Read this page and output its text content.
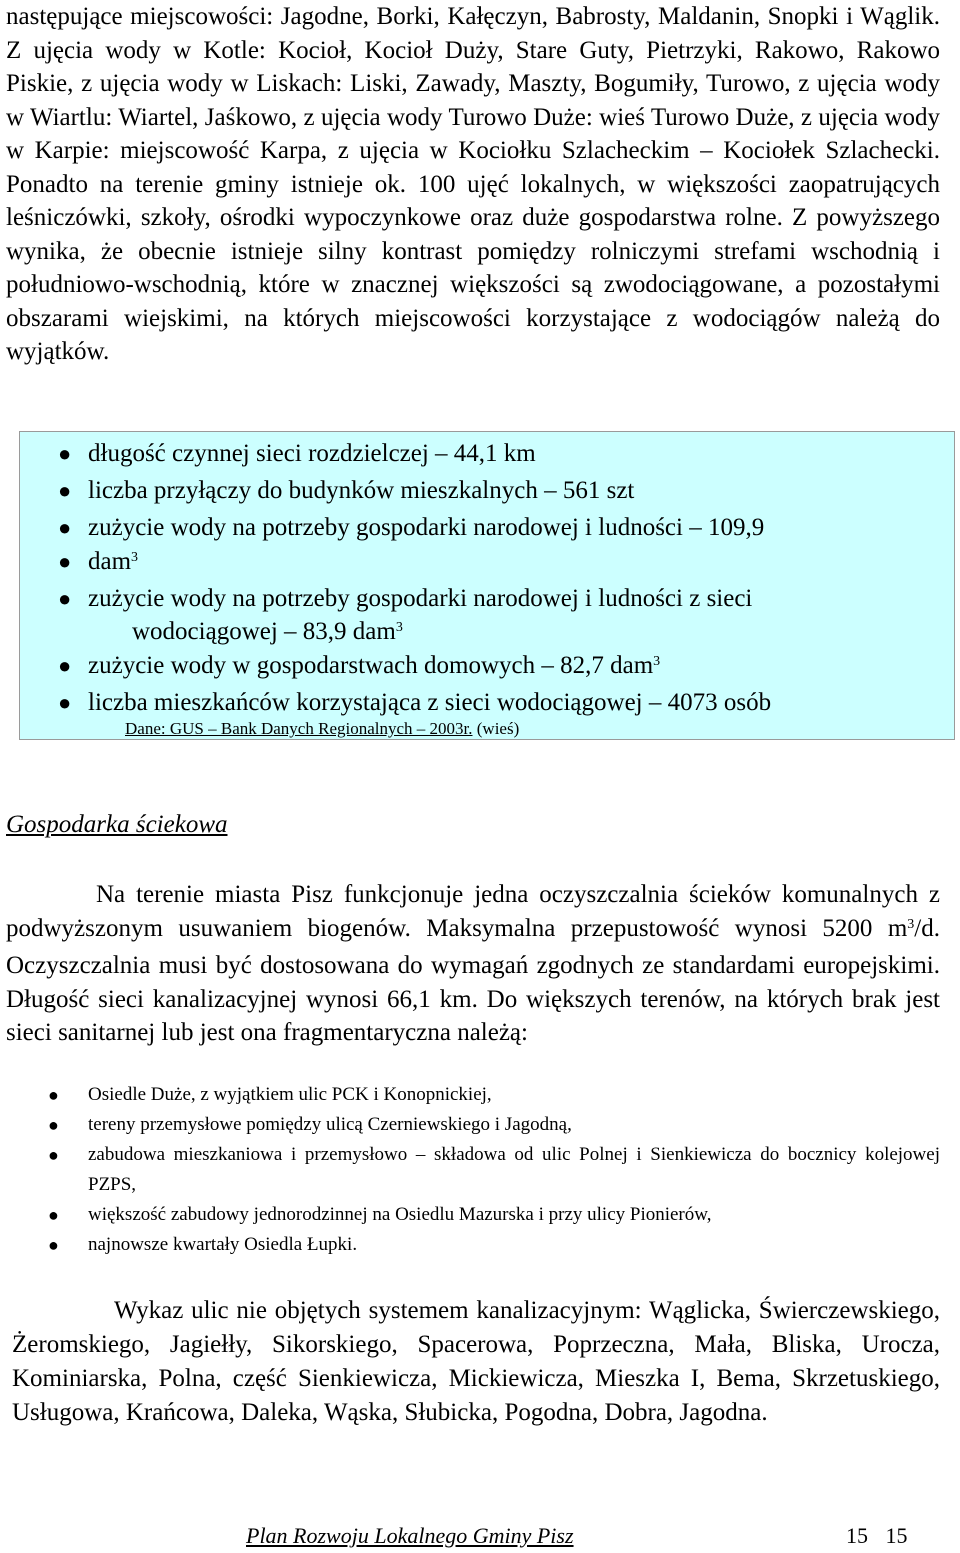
następujące miejscowości: Jagodne, Borki, Kałęczyn, Babrosty, Maldanin, Snopki i Wąglik. Z ujęcia wody w Kotle: Kocioł, Kocioł Duży, Stare Guty, Pietrzyki, Rakowo, Rakowo Piskie, z ujęcia wody w Liskach: Liski, Zawady, Maszty, Bogumiły, Turowo, z ujęcia wody w Wiartlu: Wiartel, Jaśkowo, z ujęcia wody Turowo Duże: wieś Turowo Duże, z ujęcia wody w Karpie: miejscowość Karpa, z ujęcia w Kociołku Szlacheckim – Kociołek Szlachecki. Ponadto na terenie gminy istnieje ok. 100 ujęć lokalnych, w większości zaopatrujących leśniczówki, szkoły, ośrodki wypoczynkowe oraz duże gospodarstwa rolne. Z powyższego wynika, że obecnie istnieje silny kontrast pomiędzy rolniczymi strefami wschodnią i południowo-wschodnią, które w znacznej większości są zwodociągowane, a pozostałymi obszarami wiejskimi, na których miejscowości korzystające z wodociągów należą do wyjątków.

● długość czynnej sieci rozdzielczej – 44,1 km
● liczba przyłączy do budynków mieszkalnych – 561 szt
● zużycie wody na potrzeby gospodarki narodowej i ludności – 109,9
● dam$^3$
● zużycie wody na potrzeby gospodarki narodowej i ludności z sieci
wodociągowej – 83,9 dam$^3$
● zużycie wody w gospodarstwach domowych – 82,7 dam$^3$
● liczba mieszkańców korzystająca z sieci wodociągowej – 4073 osób
Dane: GUS – Bank Danych Regionalnych – 2003r. (wieś)
Gospodarka ściekowa

Na terenie miasta Pisz funkcjonuje jedna oczyszczalnia ścieków komunalnych z podwyższonym usuwaniem biogenów. Maksymalna przepustowość wynosi 5200 $m^3/d$. Oczyszczalnia musi być dostosowana do wymagań zgodnych ze standardami europejskimi. Długość sieci kanalizacyjnej wynosi 66,1 km. Do większych terenów, na których brak jest sieci sanitarnej lub jest ona fragmentaryczna należą:

● Osiedle Duże, z wyjątkiem ulic PCK i Konopnickiej,
● tereny przemysłowe pomiędzy ulicą Czerniewskiego i Jagodną,
● zabudowa mieszkaniowa i przemysłowo – składowa od ulic Polnej i Sienkiewicza do bocznicy kolejowej PZPS,
● większość zabudowy jednorodzinnej na Osiedlu Mazurska i przy ulicy Pionierów,
● najnowsze kwartały Osiedla Łupki.

Wykaz ulic nie objętych systemem kanalizacyjnym: Wąglicka, Świerczewskiego, Żeromskiego, Jagiełły, Sikorskiego, Spacerowa, Poprzeczna, Mała, Bliska, Urocza, Kominiarska, Polna, część Sienkiewicza, Mickiewicza, Mieszka I, Bema, Skrzetuskiego, Usługowa, Krańcowa, Daleka, Wąska, Słubicka, Pogodna, Dobra, Jagodna.

Plan Rozwoju Lokalnego Gminy Pisz	15 15
